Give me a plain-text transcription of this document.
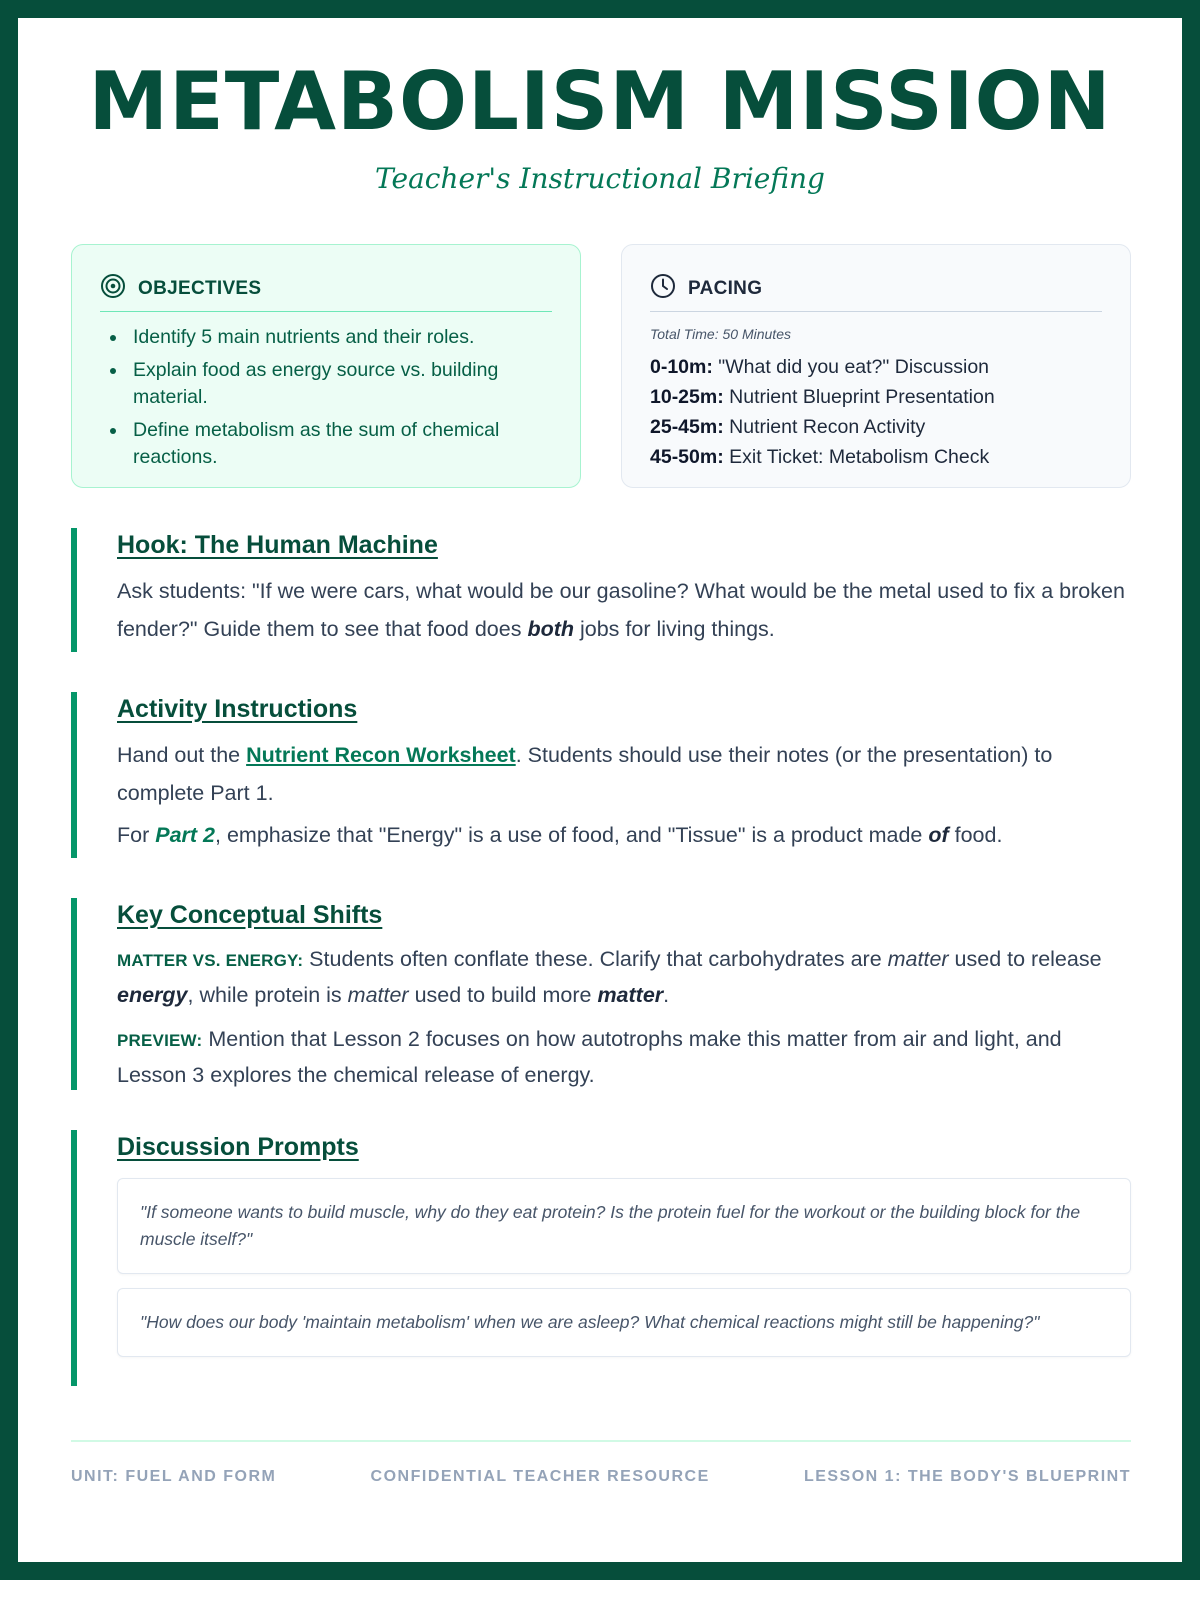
METABOLISM MISSION
Teacher's Instructional Briefing
OBJECTIVES
Identify 5 main nutrients and their roles.
Explain food as energy source vs. building material.
Define metabolism as the sum of chemical reactions.
PACING
Total Time: 50 Minutes
0-10m: "What did you eat?" Discussion
10-25m: Nutrient Blueprint Presentation
25-45m: Nutrient Recon Activity
45-50m: Exit Ticket: Metabolism Check
Hook: The Human Machine

Ask students: "If we were cars, what would be our gasoline? What would be the metal used to fix a broken fender?" Guide them to see that food does both jobs for living things.

Activity Instructions

Hand out the Nutrient Recon Worksheet. Students should use their notes (or the presentation) to complete Part 1.

For Part 2, emphasize that "Energy" is a use of food, and "Tissue" is a product made of food.

Key Conceptual Shifts

MATTER VS. ENERGY: Students often conflate these. Clarify that carbohydrates are matter used to release energy, while protein is matter used to build more matter.

PREVIEW: Mention that Lesson 2 focuses on how autotrophs make this matter from air and light, and Lesson 3 explores the chemical release of energy.

Discussion Prompts
"If someone wants to build muscle, why do they eat protein? Is the protein fuel for the workout or the building block for the muscle itself?"
"How does our body 'maintain metabolism' when we are asleep? What chemical reactions might still be happening?"
UNIT: FUEL AND FORM	CONFIDENTIAL TEACHER RESOURCE	LESSON 1: THE BODY'S BLUEPRINT
